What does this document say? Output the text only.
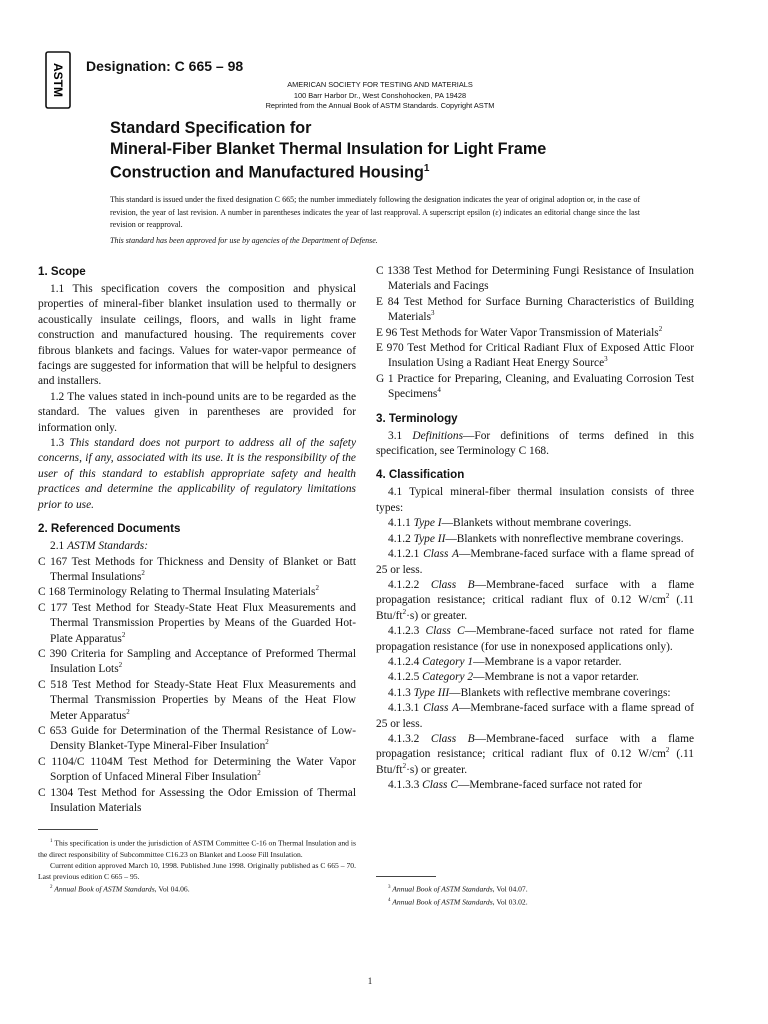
ASTM Designation: C 665 – 98
AMERICAN SOCIETY FOR TESTING AND MATERIALS
100 Barr Harbor Dr., West Conshohocken, PA 19428
Reprinted from the Annual Book of ASTM Standards. Copyright ASTM
Standard Specification for
Mineral-Fiber Blanket Thermal Insulation for Light Frame
Construction and Manufactured Housing$^1$
This standard is issued under the fixed designation C 665; the number immediately following the designation indicates the year of original adoption or, in the case of revision, the year of last revision. A number in parentheses indicates the year of last reapproval. A superscript epsilon (ε) indicates an editorial change since the last revision or reapproval.
This standard has been approved for use by agencies of the Department of Defense.
1. Scope

1.1 This specification covers the composition and physical properties of mineral-fiber blanket insulation used to thermally or acoustically insulate ceilings, floors, and walls in light frame construction and manufactured housing. The requirements cover fibrous blankets and facings. Values for water-vapor permeance of facings are suggested for information that will be helpful to designers and installers.

1.2 The values stated in inch-pound units are to be regarded as the standard. The values given in parentheses are provided for information only.

1.3 This standard does not purport to address all of the safety concerns, if any, associated with its use. It is the responsibility of the user of this standard to establish appropriate safety and health practices and determine the applicability of regulatory limitations prior to use.

2. Referenced Documents

2.1 ASTM Standards:

C 167 Test Methods for Thickness and Density of Blanket or Batt Thermal Insulations$^2$

C 168 Terminology Relating to Thermal Insulating Materials$^2$

C 177 Test Method for Steady-State Heat Flux Measurements and Thermal Transmission Properties by Means of the Guarded Hot-Plate Apparatus$^2$

C 390 Criteria for Sampling and Acceptance of Preformed Thermal Insulation Lots$^2$

C 518 Test Method for Steady-State Heat Flux Measurements and Thermal Transmission Properties by Means of the Heat Flow Meter Apparatus$^2$

C 653 Guide for Determination of the Thermal Resistance of Low-Density Blanket-Type Mineral-Fiber Insulation$^2$

C 1104/C 1104M Test Method for Determining the Water Vapor Sorption of Unfaced Mineral Fiber Insulation$^2$

C 1304 Test Method for Assessing the Odor Emission of Thermal Insulation Materials

C 1338 Test Method for Determining Fungi Resistance of Insulation Materials and Facings

E 84 Test Method for Surface Burning Characteristics of Building Materials$^3$

E 96 Test Methods for Water Vapor Transmission of Materials$^2$

E 970 Test Method for Critical Radiant Flux of Exposed Attic Floor Insulation Using a Radiant Heat Energy Source$^3$

G 1 Practice for Preparing, Cleaning, and Evaluating Corrosion Test Specimens$^4$

3. Terminology

3.1 Definitions—For definitions of terms defined in this specification, see Terminology C 168.

4. Classification

4.1 Typical mineral-fiber thermal insulation consists of three types:

4.1.1 Type I—Blankets without membrane coverings.

4.1.2 Type II—Blankets with nonreflective membrane coverings.

4.1.2.1 Class A—Membrane-faced surface with a flame spread of 25 or less.

4.1.2.2 Class B—Membrane-faced surface with a flame propagation resistance; critical radiant flux of 0.12 $W/cm^2$ (.11 Btu/$ft^2\cdot s$) or greater.

4.1.2.3 Class C—Membrane-faced surface not rated for flame propagation resistance (for use in nonexposed applications only).

4.1.2.4 Category 1—Membrane is a vapor retarder.

4.1.2.5 Category 2—Membrane is not a vapor retarder.

4.1.3 Type III—Blankets with reflective membrane coverings:

4.1.3.1 Class A—Membrane-faced surface with a flame spread of 25 or less.

4.1.3.2 Class B—Membrane-faced surface with a flame propagation resistance; critical radiant flux of 0.12 $W/cm^2$ (.11 Btu/$ft^2\cdot s$) or greater.

4.1.3.3 Class C—Membrane-faced surface not rated for

$^1$ This specification is under the jurisdiction of ASTM Committee C-16 on Thermal Insulation and is the direct responsibility of Subcommittee C16.23 on Blanket and Loose Fill Insulation.

Current edition approved March 10, 1998. Published June 1998. Originally published as C 665 – 70. Last previous edition C 665 – 95.

$^2$ Annual Book of ASTM Standards, Vol 04.06.	$^3$ Annual Book of ASTM Standards, Vol 04.07.

$^4$ Annual Book of ASTM Standards, Vol 03.02.

1
